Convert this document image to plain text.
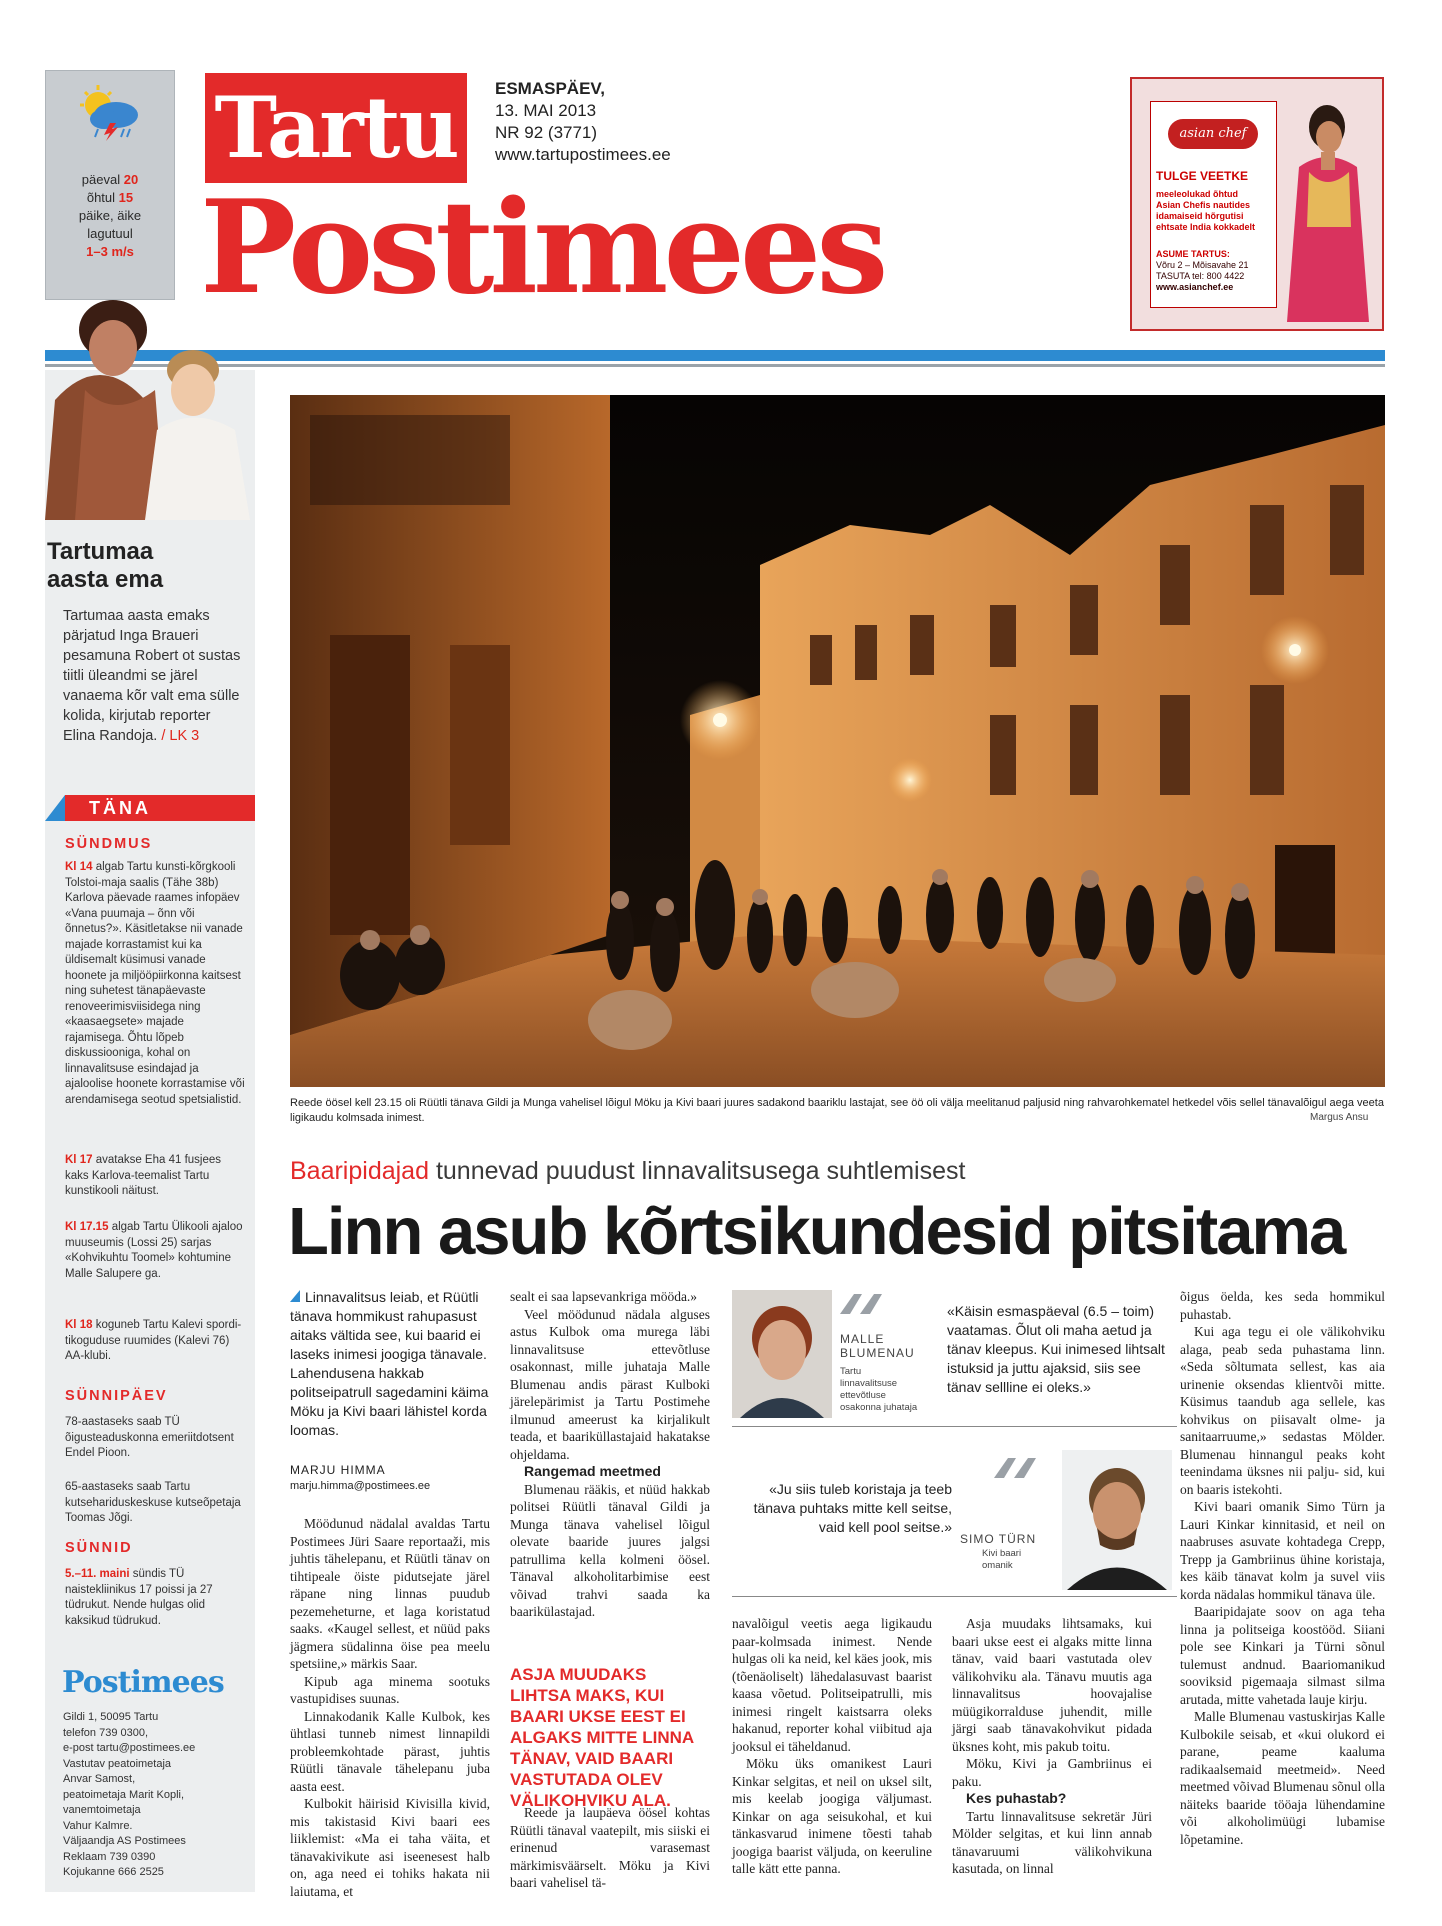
päeval 20
õhtul 15
päike, äike
lagutuul
1–3 m/s
Tartu
Postimees
ESMASPÄEV,
13. MAI 2013
NR 92 (3771)
www.tartupostimees.ee
asian chef
TULGE VEETKE
meeleolukad õhtud
Asian Chefis nautides
idamaiseid hõrgutisi
ehtsate India kokkadelt
ASUME TARTUS:
Võru 2 – Mõisavahe 21
TASUTA tel: 800 4422
www.asianchef.ee
Tartumaa
aasta ema
Tartumaa aasta emaks pärjatud Inga Braueri pesamuna Robert ot sustas tiitli üleandmi se järel vanaema kõr valt ema sülle kolida, kirjutab reporter Elina Randoja. / LK 3
TÄNA
SÜNDMUS
Kl 14 algab Tartu kunsti-kõrgkooli Tolstoi-maja saalis (Tähe 38b) Karlova päevade raames infopäev «Vana puumaja – õnn või õnnetus?». Käsitletakse nii vanade majade korrastamist kui ka üldisemalt küsimusi vanade hoonete ja miljööpiirkonna kaitsest ning suhetest tänapäevaste renoveerimisviisidega ning «kaasaegsete» majade rajamisega. Õhtu lõpeb diskussiooniga, kohal on linnavalitsuse esindajad ja ajaloolise hoonete korrastamise või arendamisega seotud spetsialistid.
Kl 17 avatakse Eha 41 fusjees kaks Karlova-teemalist Tartu kunstikooli näitust.
Kl 17.15 algab Tartu Ülikooli ajaloo muuseumis (Lossi 25) sarjas «Kohvikuhtu Toomel» kohtumine Malle Salupere ga.
Kl 18 koguneb Tartu Kalevi spordi- tikoguduse ruumides (Kalevi 76) AA-klubi.
SÜNNIPÄEV
78-aastaseks saab TÜ õigusteaduskonna emeriitdotsent Endel Pioon.
65-aastaseks saab Tartu kutsehariduskeskuse kutseõpetaja Toomas Jõgi.
SÜNNID
5.–11. maini sündis TÜ naistekliinikus 17 poissi ja 27 tüdrukut. Nende hulgas olid kaksikud tüdrukud.
Postimees
Gildi 1, 50095 Tartu
telefon 739 0300,
e-post tartu@postimees.ee
Vastutav peatoimetaja
Anvar Samost,
peatoimetaja Marit Kopli,
vanemtoimetaja
Vahur Kalmre.
Väljaandja AS Postimees
Reklaam 739 0390
Kojukanne 666 2525
Reede öösel kell 23.15 oli Rüütli tänava Gildi ja Munga vahelisel lõigul Möku ja Kivi baari juures sadakond baariklu lastajat, see öö oli välja meelitanud paljusid ning rahvarohkematel hetkedel võis sellel tänavalõigul aega veeta ligikaudu kolmsada inimest.	Margus Ansu
Baaripidajad tunnevad puudust linnavalitsusega suhtlemisest
Linn asub kõrtsikundesid pitsitama
Linnavalitsus leiab, et Rüütli tänava hommikust rahupasust aitaks vältida see, kui baarid ei laseks inimesi joogiga tänavale. Lahendusena hakkab politseipatrull sagedamini käima Möku ja Kivi baari lähistel korda loomas.
MARJU HIMMA
marju.himma@postimees.ee

Möödunud nädalal avaldas Tartu Postimees Jüri Saare reportaaži, mis juhtis tähelepanu, et Rüütli tänav on tihtipeale öiste pidutsejate järel räpane ning linnas puudub pezemeheturne, et laga koristatud saaks. «Kaugel sellest, et nüüd paks jägmera südalinna öise pea meelu spetsiine,» märkis Saar.

Kipub aga minema sootuks vastupidises suunas.

Linnakodanik Kalle Kulbok, kes ühtlasi tunneb nimest linnapildi probleemkohtade pärast, juhtis Rüütli tänavale tähelepanu juba aasta eest.

Kulbokit häirisid Kivisilla kivid, mis takistasid Kivi baari ees liiklemist: «Ma ei taha väita, et tänavakivikute asi iseenesest halb on, aga need ei tohiks hakata nii laiutama, et

sealt ei saa lapsevankriga mööda.»

Veel möödunud nädala alguses astus Kulbok oma murega läbi linnavalitsuse ettevõtluse osakonnast, mille juhataja Malle Blumenau andis pärast Kulboki järelepärimist ja Tartu Postimehe ilmunud ameerust ka kirjalikult teada, et baariküllastajaid hakatakse ohjeldama.

Rangemad meetmed

Blumenau rääkis, et nüüd hakkab politsei Rüütli tänaval Gildi ja Munga tänava vahelisel lõigul olevate baaride juures jalgsi patrullima kella kolmeni öösel. Tänaval alkoholitarbimise eest võivad trahvi saada ka baarikülastajad.

ASJA MUUDAKS LIHTSA MAKS, KUI BAARI UKSE EEST EI ALGAKS MITTE LINNA TÄNAV, VAID BAARI VASTUTADA OLEV VÄLIKOHVIKU ALA.

Reede ja laupäeva öösel kohtas Rüütli tänaval vaatepilt, mis siiski ei erinenud varasemast märkimisväärselt. Möku ja Kivi baari vahelisel tä-

MALLE
BLUMENAU
Tartu linnavalitsuse ettevõtluse osakonna juhataja
«Käisin esmaspäeval (6.5 – toim) vaatamas. Õlut oli maha aetud ja tänav kleepus. Kui inimesed lihtsalt istuksid ja juttu ajaksid, siis see tänav sellline ei oleks.»
«Ju siis tuleb koristaja ja teeb tänava puhtaks mitte kell seitse, vaid kell pool seitse.»
SIMO TÜRN
Kivi baari omanik

navalõigul veetis aega ligikaudu paar-kolmsada inimest. Nende hulgas oli ka neid, kel käes jook, mis (tõenäoliselt) lähedalasuvast baarist kaasa võetud. Politseipatrulli, mis inimesi ringelt kaistsarra oleks hakanud, reporter kohal viibitud aja jooksul ei täheldanud.

Möku üks omanikest Lauri Kinkar selgitas, et neil on uksel silt, mis keelab joogiga väljumast. Kinkar on aga seisukohal, et kui tänkasvarud inimene tõesti tahab joogiga baarist väljuda, on keeruline talle kätt ette panna.

Asja muudaks lihtsamaks, kui baari ukse eest ei algaks mitte linna tänav, vaid baari vastutada olev välikohviku ala. Tänavu muutis aga linnavalitsus hoovajalise müügikorralduse juhendit, mille järgi saab tänavakohvikut pidada üksnes koht, mis pakub toitu.

Möku, Kivi ja Gambriinus ei paku.

Kes puhastab?

Tartu linnavalitsuse sekretär Jüri Mölder selgitas, et kui linn annab tänavaruumi välikohvikuna kasutada, on linnal

õigus öelda, kes seda hommikul puhastab.

Kui aga tegu ei ole välikohviku alaga, peab seda puhastama linn. «Seda sõltumata sellest, kas aia urinenie oksendas klientvõi mitte. Küsimus taandub aga sellele, kas kohvikus on piisavalt olme- ja sanitaarruume,» sedastas Mölder. Blumenau hinnangul peaks koht teenindama üksnes nii palju- sid, kui on baaris istekohti.

Kivi baari omanik Simo Türn ja Lauri Kinkar kinnitasid, et neil on naabruses asuvate kohtadega Crepp, Trepp ja Gambriinus ühine koristaja, kes käib tänavat kolm ja suvel viis korda nädalas hommikul tänava üle.

Baaripidajate soov on aga teha linna ja politseiga koostööd. Siiani pole see Kinkari ja Türni sõnul tulemust andnud. Baariomanikud sooviksid pigemaaja silmast silma arutada, mitte vahetada lauje kirju.

Malle Blumenau vastuskirjas Kalle Kulbokile seisab, et «kui olukord ei parane, peame kaaluma radikaalsemaid meetmeid». Need meetmed võivad Blumenau sõnul olla näiteks baaride tööaja lühendamine või alkoholimüügi lubamise lõpetamine.
